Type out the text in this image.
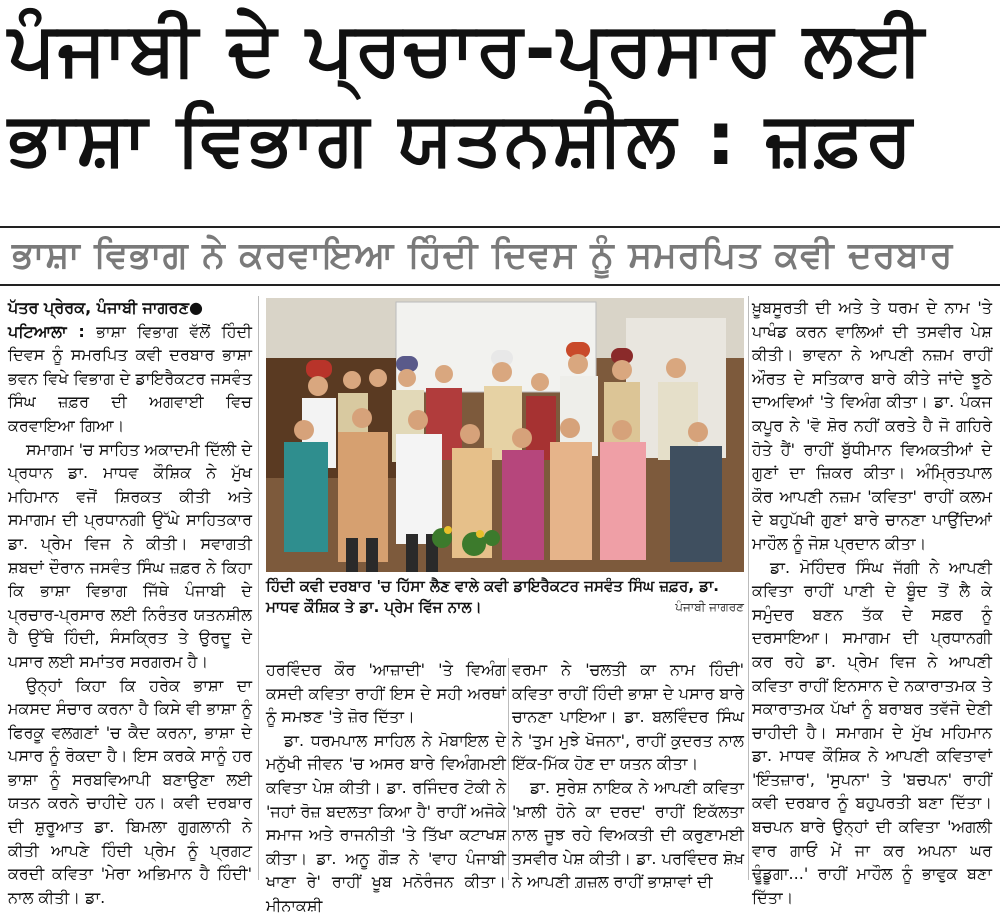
ਪੰਜਾਬੀ ਦੇ ਪ੍ਰਚਾਰ-ਪ੍ਰਸਾਰ ਲਈ
ਭਾਸ਼ਾ ਵਿਭਾਗ ਯਤਨਸ਼ੀਲ : ਜ਼ਫ਼ਰ
ਭਾਸ਼ਾ ਵਿਭਾਗ ਨੇ ਕਰਵਾਇਆ ਹਿੰਦੀ ਦਿਵਸ ਨੂੰ ਸਮਰਪਿਤ ਕਵੀ ਦਰਬਾਰ
ਪੱਤਰ ਪ੍ਰੇਰਕ, ਪੰਜਾਬੀ ਜਾਗਰਣ●

ਪਟਿਆਲਾ : ਭਾਸ਼ਾ ਵਿਭਾਗ ਵੱਲੋਂ ਹਿੰਦੀ ਦਿਵਸ ਨੂੰ ਸਮਰਪਿਤ ਕਵੀ ਦਰਬਾਰ ਭਾਸ਼ਾ ਭਵਨ ਵਿਖੇ ਵਿਭਾਗ ਦੇ ਡਾਇਰੈਕਟਰ ਜਸਵੰਤ ਸਿੰਘ ਜ਼ਫ਼ਰ ਦੀ ਅਗਵਾਈ ਵਿਚ ਕਰਵਾਇਆ ਗਿਆ।

ਸਮਾਗਮ 'ਚ ਸਾਹਿਤ ਅਕਾਦਮੀ ਦਿੱਲੀ ਦੇ ਪ੍ਰਧਾਨ ਡਾ. ਮਾਧਵ ਕੌਸ਼ਿਕ ਨੇ ਮੁੱਖ ਮਹਿਮਾਨ ਵਜੋਂ ਸ਼ਿਰਕਤ ਕੀਤੀ ਅਤੇ ਸਮਾਗਮ ਦੀ ਪ੍ਰਧਾਨਗੀ ਉੱਘੇ ਸਾਹਿਤਕਾਰ ਡਾ. ਪ੍ਰੇਮ ਵਿਜ ਨੇ ਕੀਤੀ। ਸਵਾਗਤੀ ਸ਼ਬਦਾਂ ਦੌਰਾਨ ਜਸਵੰਤ ਸਿੰਘ ਜ਼ਫ਼ਰ ਨੇ ਕਿਹਾ ਕਿ ਭਾਸ਼ਾ ਵਿਭਾਗ ਜਿੱਥੇ ਪੰਜਾਬੀ ਦੇ ਪ੍ਰਚਾਰ-ਪ੍ਰਸਾਰ ਲਈ ਨਿਰੰਤਰ ਯਤਨਸ਼ੀਲ ਹੈ ਉੱਥੇ ਹਿੰਦੀ, ਸੰਸਕ੍ਰਿਤ ਤੇ ਉਰਦੂ ਦੇ ਪਸਾਰ ਲਈ ਸਮਾਂਤਰ ਸਰਗਰਮ ਹੈ।

ਉਨ੍ਹਾਂ ਕਿਹਾ ਕਿ ਹਰੇਕ ਭਾਸ਼ਾ ਦਾ ਮਕਸਦ ਸੰਚਾਰ ਕਰਨਾ ਹੈ ਕਿਸੇ ਵੀ ਭਾਸ਼ਾ ਨੂੰ ਫਿਰਕੂ ਵਲਗਣਾਂ 'ਚ ਕੈਦ ਕਰਨਾ, ਭਾਸ਼ਾ ਦੇ ਪਸਾਰ ਨੂੰ ਰੋਕਦਾ ਹੈ। ਇਸ ਕਰਕੇ ਸਾਨੂੰ ਹਰ ਭਾਸ਼ਾ ਨੂੰ ਸਰਬਵਿਆਪੀ ਬਣਾਉਣਾ ਲਈ ਯਤਨ ਕਰਨੇ ਚਾਹੀਦੇ ਹਨ। ਕਵੀ ਦਰਬਾਰ ਦੀ ਸ਼ੁਰੂਆਤ ਡਾ. ਬਿਮਲਾ ਗੁਗਲਾਨੀ ਨੇ ਕੀਤੀ ਆਪਣੇ ਹਿੰਦੀ ਪ੍ਰੇਮ ਨੂੰ ਪ੍ਰਗਟ ਕਰਦੀ ਕਵਿਤਾ 'ਮੇਰਾ ਅਭਿਮਾਨ ਹੈ ਹਿੰਦੀ' ਨਾਲ ਕੀਤੀ। ਡਾ.

ਹਿੰਦੀ ਕਵੀ ਦਰਬਾਰ 'ਚ ਹਿੱਸਾ ਲੈਣ ਵਾਲੇ ਕਵੀ ਡਾਇਰੈਕਟਰ ਜਸਵੰਤ ਸਿੰਘ ਜ਼ਫ਼ਰ, ਡਾ. ਮਾਧਵ ਕੌਸ਼ਿਕ ਤੇ ਡਾ. ਪ੍ਰੇਮ ਵਿੱਜ ਨਾਲ।	ਪੰਜਾਬੀ ਜਾਗਰਣ

ਹਰਵਿੰਦਰ ਕੌਰ 'ਆਜ਼ਾਦੀ' 'ਤੇ ਵਿਅੰਗ ਕਸਦੀ ਕਵਿਤਾ ਰਾਹੀਂ ਇਸ ਦੇ ਸਹੀ ਅਰਥਾਂ ਨੂੰ ਸਮਝਣ 'ਤੇ ਜ਼ੋਰ ਦਿੱਤਾ।

ਡਾ. ਧਰਮਪਾਲ ਸਾਹਿਲ ਨੇ ਮੋਬਾਇਲ ਦੇ ਮਨੁੱਖੀ ਜੀਵਨ 'ਚ ਅਸਰ ਬਾਰੇ ਵਿਅੰਗਮਈ ਕਵਿਤਾ ਪੇਸ਼ ਕੀਤੀ। ਡਾ. ਰਜਿੰਦਰ ਟੋਕੀ ਨੇ 'ਜਹਾਂ ਰੋਜ਼ ਬਦਲਤਾ ਕਿਆ ਹੈ' ਰਾਹੀਂ ਅਜੋਕੇ ਸਮਾਜ ਅਤੇ ਰਾਜਨੀਤੀ 'ਤੇ ਤਿੱਖਾ ਕਟਾਖਸ਼ ਕੀਤਾ। ਡਾ. ਅਨੂ ਗੌੜ ਨੇ 'ਵਾਹ ਪੰਜਾਬੀ ਖਾਣਾ ਰੇ' ਰਾਹੀਂ ਖੂਬ ਮਨੋਰੰਜਨ ਕੀਤਾ। ਮੀਨਾਕਸ਼ੀ

ਵਰਮਾ ਨੇ 'ਚਲਤੀ ਕਾ ਨਾਮ ਹਿੰਦੀ' ਕਵਿਤਾ ਰਾਹੀਂ ਹਿੰਦੀ ਭਾਸ਼ਾ ਦੇ ਪਸਾਰ ਬਾਰੇ ਚਾਨਣਾ ਪਾਇਆ। ਡਾ. ਬਲਵਿੰਦਰ ਸਿੰਘ ਨੇ 'ਤੁਮ ਮੁਝੇ ਖੋਜਨਾ', ਰਾਹੀਂ ਕੁਦਰਤ ਨਾਲ ਇੱਕ-ਮਿੱਕ ਹੋਣ ਦਾ ਯਤਨ ਕੀਤਾ।

ਡਾ. ਸੁਰੇਸ਼ ਨਾਇਕ ਨੇ ਆਪਣੀ ਕਵਿਤਾ 'ਖ਼ਾਲੀ ਹੋਨੇ ਕਾ ਦਰਦ' ਰਾਹੀਂ ਇਕੱਲਤਾ ਨਾਲ ਜੂਝ ਰਹੇ ਵਿਅਕਤੀ ਦੀ ਕਰੁਣਾਮਈ ਤਸਵੀਰ ਪੇਸ਼ ਕੀਤੀ। ਡਾ. ਪਰਵਿੰਦਰ ਸ਼ੋਖ਼ ਨੇ ਆਪਣੀ ਗ਼ਜ਼ਲ ਰਾਹੀਂ ਭਾਸ਼ਾਵਾਂ ਦੀ

ਖ਼ੂਬਸੂਰਤੀ ਦੀ ਅਤੇ ਤੇ ਧਰਮ ਦੇ ਨਾਮ 'ਤੇ ਪਾਖੰਡ ਕਰਨ ਵਾਲਿਆਂ ਦੀ ਤਸਵੀਰ ਪੇਸ਼ ਕੀਤੀ। ਭਾਵਨਾ ਨੇ ਆਪਣੀ ਨਜ਼ਮ ਰਾਹੀਂ ਔਰਤ ਦੇ ਸਤਿਕਾਰ ਬਾਰੇ ਕੀਤੇ ਜਾਂਦੇ ਝੂਠੇ ਦਾਅਵਿਆਂ 'ਤੇ ਵਿਅੰਗ ਕੀਤਾ। ਡਾ. ਪੰਕਜ ਕਪੂਰ ਨੇ 'ਵੋ ਸ਼ੋਰ ਨਹੀਂ ਕਰਤੇ ਹੈ ਜੋ ਗਹਿਰੇ ਹੋਤੇ ਹੈਂ' ਰਾਹੀਂ ਬੁੱਧੀਮਾਨ ਵਿਅਕਤੀਆਂ ਦੇ ਗੁਣਾਂ ਦਾ ਜ਼ਿਕਰ ਕੀਤਾ। ਅੰਮ੍ਰਿਤਪਾਲ ਕੌਰ ਆਪਣੀ ਨਜ਼ਮ 'ਕਵਿਤਾ' ਰਾਹੀਂ ਕਲਮ ਦੇ ਬਹੁਪੱਖੀ ਗੁਣਾਂ ਬਾਰੇ ਚਾਨਣਾ ਪਾਉਂਦਿਆਂ ਮਾਹੌਲ ਨੂੰ ਜੋਸ਼ ਪ੍ਰਦਾਨ ਕੀਤਾ।

ਡਾ. ਮੋਹਿੰਦਰ ਸਿੰਘ ਜੱਗੀ ਨੇ ਆਪਣੀ ਕਵਿਤਾ ਰਾਹੀਂ ਪਾਣੀ ਦੇ ਬੂੰਦ ਤੋਂ ਲੈ ਕੇ ਸਮੁੰਦਰ ਬਣਨ ਤੱਕ ਦੇ ਸਫ਼ਰ ਨੂੰ ਦਰਸਾਇਆ। ਸਮਾਗਮ ਦੀ ਪ੍ਰਧਾਨਗੀ ਕਰ ਰਹੇ ਡਾ. ਪ੍ਰੇਮ ਵਿਜ ਨੇ ਆਪਣੀ ਕਵਿਤਾ ਰਾਹੀਂ ਇਨਸਾਨ ਦੇ ਨਕਾਰਾਤਮਕ ਤੇ ਸਕਾਰਾਤਮਕ ਪੱਖਾਂ ਨੂੰ ਬਰਾਬਰ ਤਵੱਜੋ ਦੇਣੀ ਚਾਹੀਦੀ ਹੈ। ਸਮਾਗਮ ਦੇ ਮੁੱਖ ਮਹਿਮਾਨ ਡਾ. ਮਾਧਵ ਕੌਸ਼ਿਕ ਨੇ ਆਪਣੀ ਕਵਿਤਾਵਾਂ 'ਇੰਤਜ਼ਾਰ', 'ਸੁਪਨਾ' ਤੇ 'ਬਚਪਨ' ਰਾਹੀਂ ਕਵੀ ਦਰਬਾਰ ਨੂੰ ਬਹੁਪਰਤੀ ਬਣਾ ਦਿੱਤਾ। ਬਚਪਨ ਬਾਰੇ ਉਨ੍ਹਾਂ ਦੀ ਕਵਿਤਾ 'ਅਗਲੀ ਵਾਰ ਗਾਓਂ ਮੇਂ ਜਾ ਕਰ ਅਪਨਾ ਘਰ ਢੂੰਡੂਗਾ...' ਰਾਹੀਂ ਮਾਹੌਲ ਨੂੰ ਭਾਵੁਕ ਬਣਾ ਦਿੱਤਾ।
